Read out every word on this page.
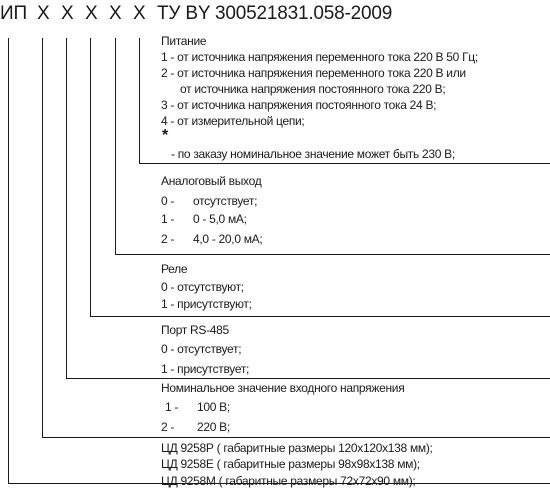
ИП X X X X X ТУ BY 300521831.058-2009
Питание
1 - от источника напряжения переменного тока 220 В 50 Гц;
2 - от источника напряжения переменного тока 220 В или
от источника напряжения постоянного тока 220 В;
3 - от источника напряжения постоянного тока 24 В;
4 - от измерительной цепи;
*
- по заказу номинальное значение может быть 230 В;
Аналоговый выход
0 - отсутствует;
1 - 0 - 5,0 мА;
2 - 4,0 - 20,0 мА;
Реле
0 - отсутствуют;
1 - присутствуют;
Порт RS-485
0 - отсутствует;
1 - присутствует;
Номинальное значение входного напряжения
1 - 100 В;
2 - 220 В;
ЦД 9258Р ( габаритные размеры 120х120х138 мм);
ЦД 9258Е ( габаритные размеры 98х98х138 мм);
ЦД 9258М ( габаритные размеры 72х72х90 мм);
